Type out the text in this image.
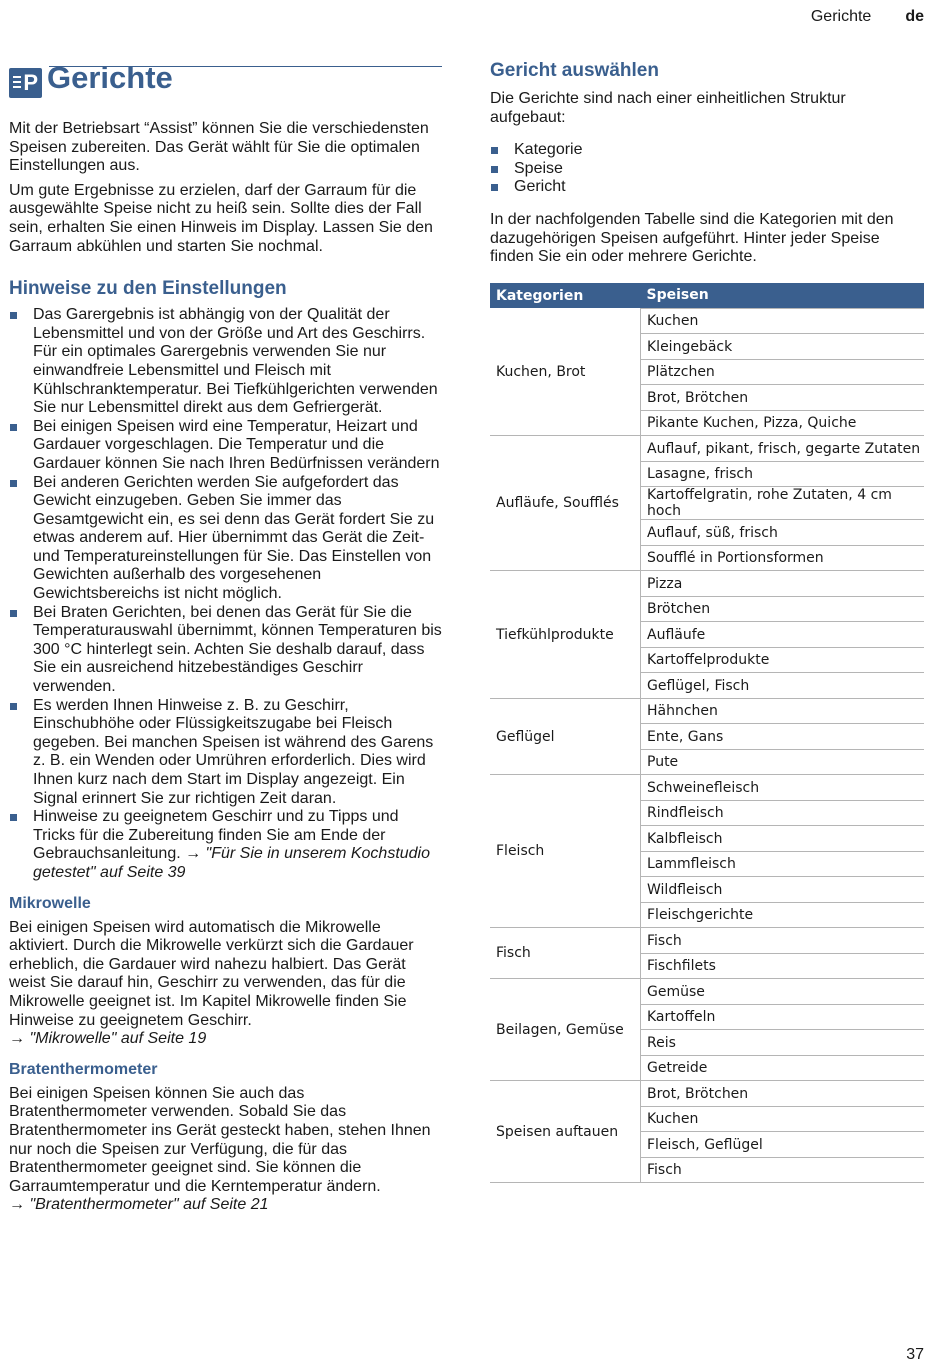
Gerichte de
P Gerichte

Mit der Betriebsart “Assist” können Sie die verschiedensten Speisen zubereiten. Das Gerät wählt für Sie die optimalen Einstellungen aus.

Um gute Ergebnisse zu erzielen, darf der Garraum für die ausgewählte Speise nicht zu heiß sein. Sollte dies der Fall sein, erhalten Sie einen Hinweis im Display. Lassen Sie den Garraum abkühlen und starten Sie nochmal.

Hinweise zu den Einstellungen
Das Garergebnis ist abhängig von der Qualität der Lebensmittel und von der Größe und Art des Geschirrs. Für ein optimales Garergebnis verwenden Sie nur einwandfreie Lebensmittel und Fleisch mit Kühlschranktemperatur. Bei Tiefkühlgerichten verwenden Sie nur Lebensmittel direkt aus dem Gefriergerät.
Bei einigen Speisen wird eine Temperatur, Heizart und Gardauer vorgeschlagen. Die Temperatur und die Gardauer können Sie nach Ihren Bedürfnissen verändern
Bei anderen Gerichten werden Sie aufgefordert das Gewicht einzugeben. Geben Sie immer das Gesamtgewicht ein, es sei denn das Gerät fordert Sie zu etwas anderem auf. Hier übernimmt das Gerät die Zeit- und Temperatureinstellungen für Sie. Das Einstellen von Gewichten außerhalb des vorgesehenen Gewichtsbereichs ist nicht möglich.
Bei Braten Gerichten, bei denen das Gerät für Sie die Temperaturauswahl übernimmt, können Temperaturen bis 300 °C hinterlegt sein. Achten Sie deshalb darauf, dass Sie ein ausreichend hitzebeständiges Geschirr verwenden.
Es werden Ihnen Hinweise z. B. zu Geschirr, Einschubhöhe oder Flüssigkeitszugabe bei Fleisch gegeben. Bei manchen Speisen ist während des Garens z. B. ein Wenden oder Umrühren erforderlich. Dies wird Ihnen kurz nach dem Start im Display angezeigt. Ein Signal erinnert Sie zur richtigen Zeit daran.
Hinweise zu geeignetem Geschirr und zu Tipps und Tricks für die Zubereitung finden Sie am Ende der Gebrauchsanleitung. → "Für Sie in unserem Kochstudio getestet" auf Seite 39
Mikrowelle

Bei einigen Speisen wird automatisch die Mikrowelle aktiviert. Durch die Mikrowelle verkürzt sich die Gardauer erheblich, die Gardauer wird nahezu halbiert. Das Gerät weist Sie darauf hin, Geschirr zu verwenden, das für die Mikrowelle geeignet ist. Im Kapitel Mikrowelle finden Sie Hinweise zu geeignetem Geschirr.

→ "Mikrowelle" auf Seite 19

Bratenthermometer

Bei einigen Speisen können Sie auch das Bratenthermometer verwenden. Sobald Sie das Bratenthermometer ins Gerät gesteckt haben, stehen Ihnen nur noch die Speisen zur Verfügung, die für das Bratenthermometer geeignet sind. Sie können die Garraumtemperatur und die Kerntemperatur ändern.

→ "Bratenthermometer" auf Seite 21

Gericht auswählen

Die Gerichte sind nach einer einheitlichen Struktur aufgebaut:

Kategorie
Speise
Gericht

In der nachfolgenden Tabelle sind die Kategorien mit den dazugehörigen Speisen aufgeführt. Hinter jeder Speise finden Sie ein oder mehrere Gerichte.

Kategorien	Speisen
Kuchen, Brot	Kuchen
	Kleingebäck
	Plätzchen
	Brot, Brötchen
	Pikante Kuchen, Pizza, Quiche
Aufläufe, Soufflés	Auflauf, pikant, frisch, gegarte Zutaten
	Lasagne, frisch
	Kartoffelgratin, rohe Zutaten, 4 cm hoch
	Auflauf, süß, frisch
	Soufflé in Portionsformen
Tiefkühlprodukte	Pizza
	Brötchen
	Aufläufe
	Kartoffelprodukte
	Geflügel, Fisch
Geflügel	Hähnchen
	Ente, Gans
	Pute
Fleisch	Schweinefleisch
	Rindfleisch
	Kalbfleisch
	Lammfleisch
	Wildfleisch
	Fleischgerichte
Fisch	Fisch
	Fischfilets
Beilagen, Gemüse	Gemüse
	Kartoffeln
	Reis
	Getreide
Speisen auftauen	Brot, Brötchen
	Kuchen
	Fleisch, Geflügel
	Fisch
37
